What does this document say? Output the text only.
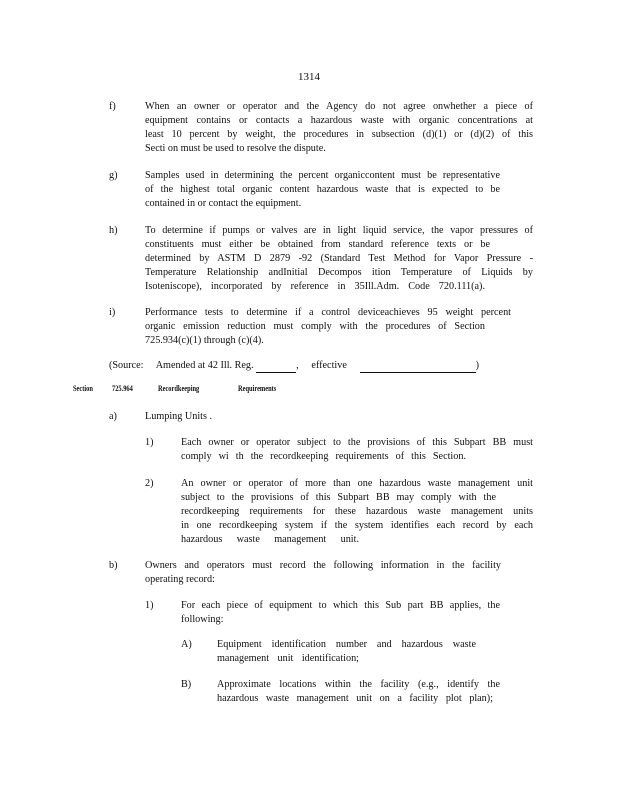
1314
f)	When an owner or operator and the Agency do not agree onwhether a piece of
equipment contains or contacts a hazardous waste with organic concentrations at
least 10 percent by weight, the procedures in subsection (d)(1) or (d)(2) of this
Secti on must be used to resolve the dispute.
g)	Samples used in determining the percent organiccontent must be representative
of the highest total organic content hazardous waste that is expected to be
contained in or contact the equipment.
h)	To determine if pumps or valves are in light liquid service, the vapor pressures of
constituents must either be obtained from standard reference texts or be
determined by ASTM D 2879 -92 (Standard Test Method for Vapor Pressure -
Temperature Relationship andInitial Decompos ition Temperature of Liquids by
Isoteniscope), incorporated by reference in 35Ill.Adm. Code 720.111(a).
i)	Performance tests to determine if a control deviceachieves 95 weight percent
organic emission reduction must comply with the procedures of Section
725.934(c)(1) through (c)(4).
(Source: Amended at 42 Ill. Reg.	, effective	)
Section 725.964	Recordkeeping	Requirements
a)	Lumping Units .
1)	Each owner or operator subject to the provisions of this Subpart BB must
comply wi th the recordkeeping requirements of this Section.
2)	An owner or operator of more than one hazardous waste management unit
subject to the provisions of this Subpart BB may comply with the
recordkeeping requirements for these hazardous waste management units
in one recordkeeping system if the system identifies each record by each
hazardous waste management unit.
b)	Owners and operators must record the following information in the facility
operating record:
1)	For each piece of equipment to which this Sub part BB applies, the
following:
A) Equipment identification number and hazardous waste
management unit identification;
B)	Approximate locations within the facility (e.g., identify the
hazardous waste management unit on a facility plot plan);
